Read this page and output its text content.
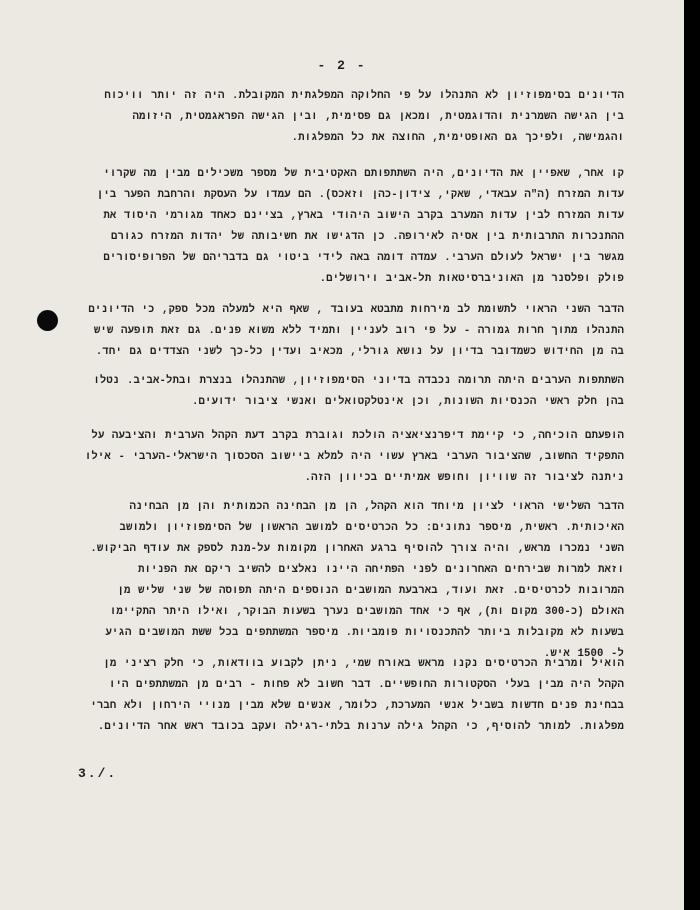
- 2 -
הדיונים בסימפוזיון לא התנהלו על פי החלוקה המפלגתית המקובלת. היה זה יותר וויכוח
בין הגישה השמרנית והדוגמטית, ומכאן גם פסימית, ובין הגישה הפראגמטית, היזומה
והגמישה, ולפיכך גם האופטימית, החוצה את כל המפלגות.
קו אחר, שאפיין את הדיונים, היה השתתפותם האקטיבית של מספר משכילים מבין מה שקרוי
עדות המזרח (ה"ה עבאדי, שאקי, צידון-כהן וזאכס). הם עמדו על העסקת והרחבת הפער בין
עדות המזרח לבין עדות המערב בקרב הישוב היהודי בארץ, בציינם כאחד מגורמי היסוד את
ההתנכרות התרבותית בין אסיה לאירופה. כן הדגישו את חשיבותה של יהדות המזרח כגורם
מגשר בין ישראל לעולם הערבי. עמדה דומה באה לידי ביטוי גם בדבריהם של הפרופיסורים
פולק ופלסנר מן האוניברסיטאות תל-אביב וירושלים.
הדבר השני הראוי לתשומת לב מירחות מתבטא בעובד , שאף היא למעלה מכל ספק, כי הדיונים
התנהלו מתוך חרות גמורה - על פי רוב לעניין ותמיד ללא משוא פנים. גם זאת תופעה שיש
בה מן החידוש כשמדובר בדיון על נושא גורלי, מכאיב ועדין כל-כך לשני הצדדים גם יחד.
השתתפות הערבים היתה תרומה נכבדה בדיוני הסימפוזיון, שהתנהלו בנצרת ובתל-אביב. נטלו
בהן חלק ראשי הכנסיות השונות, וכן אינטלקטואלים ואנשי ציבור ידועים.
הופעתם הוכיחה, כי קיימת דיפרנציאציה הולכת וגוברת בקרב דעת הקהל הערבית והציבעה על
התפקיד החשוב, שהציבור הערבי בארץ עשוי היה למלא ביישוב הסכסוך הישראלי-הערבי - אילו
ניתנה לציבור זה שוויון וחופש אמיתיים בכיוון הזה.
הדבר השלישי הראוי לציון מיוחד הוא הקהל, הן מן הבחינה הכמותית והן מן הבחינה
האיכותית. ראשית, מיספר נתונים: כל הכרטיסים למושב הראשון של הסימפוזיון ולמושב
השני נמכרו מראש, והיה צורך להוסיף ברגע האחרון מקומות על-מנת לספק את עודף הביקוש.
וזאת למרות שבירחים האחרונים לפני הפתיחה היינו נאלצים להשיב ריקם את הפניות
המרובות לכרטיסים. זאת ועוד, בארבעת המושבים הנוספים היתה תפוסה של שני שליש מן
האולם (כ-300 מקום ות), אף כי אחד המושבים נערך בשעות הבוקר, ואילו היתר התקיימו
בשעות לא מקובלות ביותר להתכנסויות פומביות. מיספר המשתתפים בכל ששת המושבים הגיע
ל- 1500 איש.
הואיל ומרבית הכרטיסים נקנו מראש באורח שמי, ניתן לקבוע בוודאות, כי חלק רציני מן
הקהל היה מבין בעלי הסקטורות החופשיים. דבר חשוב לא פחות - רבים מן המשתתפים היו
בבחינת פנים חדשות בשביל אנשי המערכת, כלומר, אנשים שלא מבין מנויי הירחון ולא חברי
מפלגות. למותר להוסיף, כי הקהל גילה ערנות בלתי-רגילה ועקב בכובד ראש אחר הדיונים.
3./.
